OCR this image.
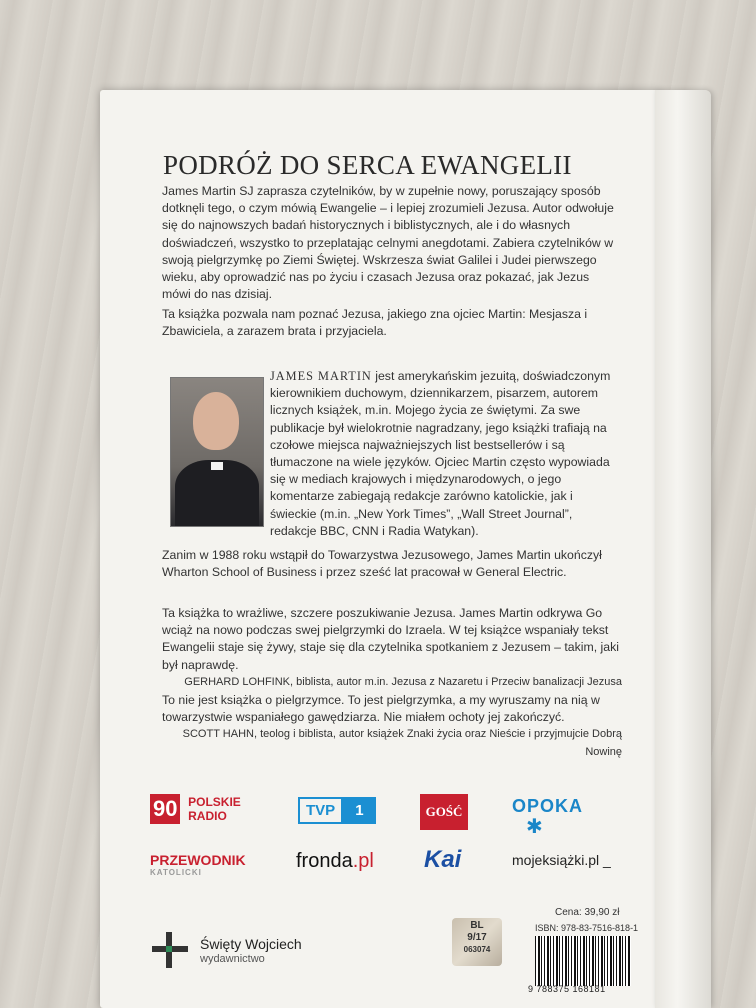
PODRÓŻ DO SERCA EWANGELII
James Martin SJ zaprasza czytelników, by w zupełnie nowy, poruszający sposób dotknęli tego, o czym mówią Ewangelie – i lepiej zrozumieli Jezusa. Autor odwołuje się do najnowszych badań historycznych i biblistycznych, ale i do własnych doświadczeń, wszystko to przeplatając celnymi anegdotami. Zabiera czytelników w swoją pielgrzymkę po Ziemi Świętej. Wskrzesza świat Galilei i Judei pierwszego wieku, aby oprowadzić nas po życiu i czasach Jezusa oraz pokazać, jak Jezus mówi do nas dzisiaj.
Ta książka pozwala nam poznać Jezusa, jakiego zna ojciec Martin: Mesjasza i Zbawiciela, a zarazem brata i przyjaciela.
JAMES MARTIN jest amerykańskim jezuitą, doświadczonym kierownikiem duchowym, dziennikarzem, pisarzem, autorem licznych książek, m.in. Mojego życia ze świętymi. Za swe publikacje był wielokrotnie nagradzany, jego książki trafiają na czołowe miejsca najważniejszych list bestsellerów i są tłumaczone na wiele języków. Ojciec Martin często wypowiada się w mediach krajowych i międzynarodowych, o jego komentarze zabiegają redakcje zarówno katolickie, jak i świeckie (m.in. „New York Times”, „Wall Street Journal”, redakcje BBC, CNN i Radia Watykan).
Zanim w 1988 roku wstąpił do Towarzystwa Jezusowego, James Martin ukończył Wharton School of Business i przez sześć lat pracował w General Electric.
Ta książka to wrażliwe, szczere poszukiwanie Jezusa. James Martin odkrywa Go wciąż na nowo podczas swej pielgrzymki do Izraela. W tej książce wspaniały tekst Ewangelii staje się żywy, staje się dla czytelnika spotkaniem z Jezusem – takim, jaki był naprawdę.
GERHARD LOHFINK, biblista, autor m.in. Jezusa z Nazaretu i Przeciw banalizacji Jezusa
To nie jest książka o pielgrzymce. To jest pielgrzymka, a my wyruszamy na nią w towarzystwie wspaniałego gawędziarza. Nie miałem ochoty jej zakończyć.
SCOTT HAHN, teolog i biblista, autor książek Znaki życia oraz Nieście i przyjmujcie Dobrą Nowinę
90 POLSKIE
RADIO	TVP 1	GOŚĆ	OPOKA
✱
PRZEWODNIK
KATOLICKI
fronda.pl Kai	mojeksiążki.pl _
Święty Wojciech
wydawnictwo
BL
9/17
063074
Cena: 39,90 zł
ISBN: 978-83-7516-818-1
9 788375 168181
